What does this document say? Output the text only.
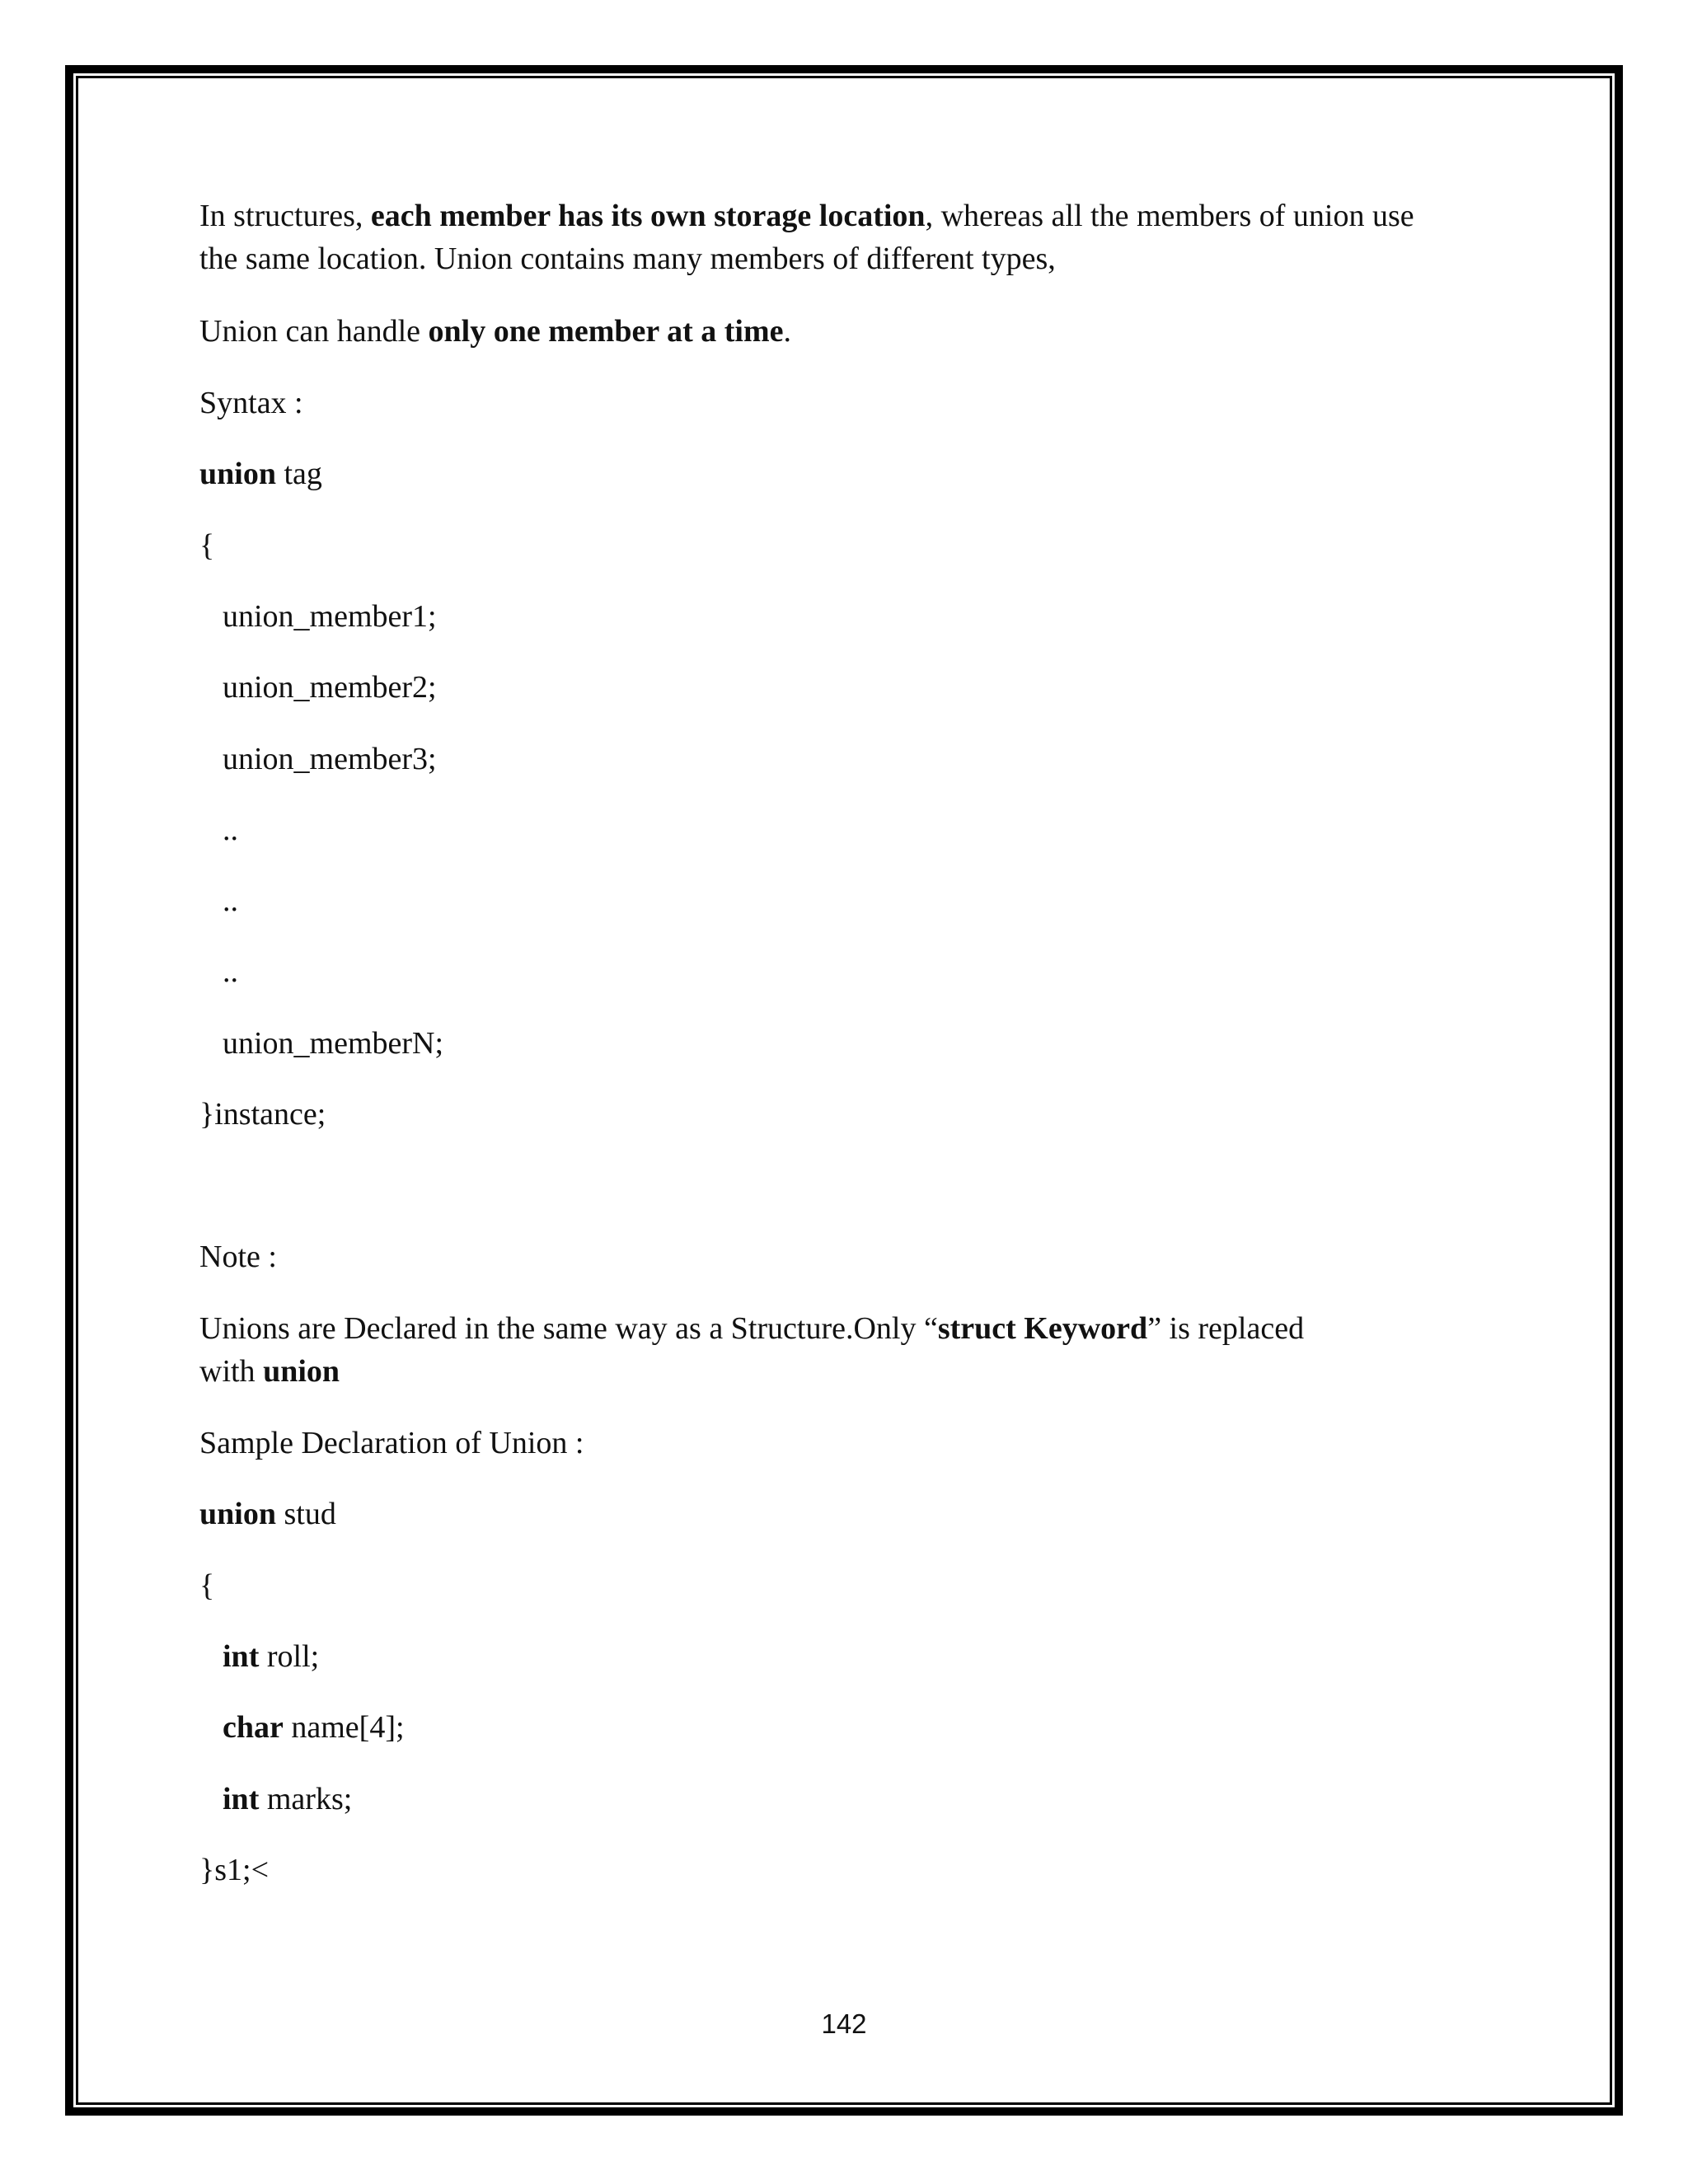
In structures, each member has its own storage location, whereas all the members of union use
the same location. Union contains many members of different types,
Union can handle only one member at a time.
Syntax :
union tag
{
union_member1;
union_member2;
union_member3;
..
..
..
union_memberN;
}instance;
Note :
Unions are Declared in the same way as a Structure.Only “struct Keyword” is replaced
with union
Sample Declaration of Union :
union stud
{
int roll;
char name[4];
int marks;
}s1;<
142
